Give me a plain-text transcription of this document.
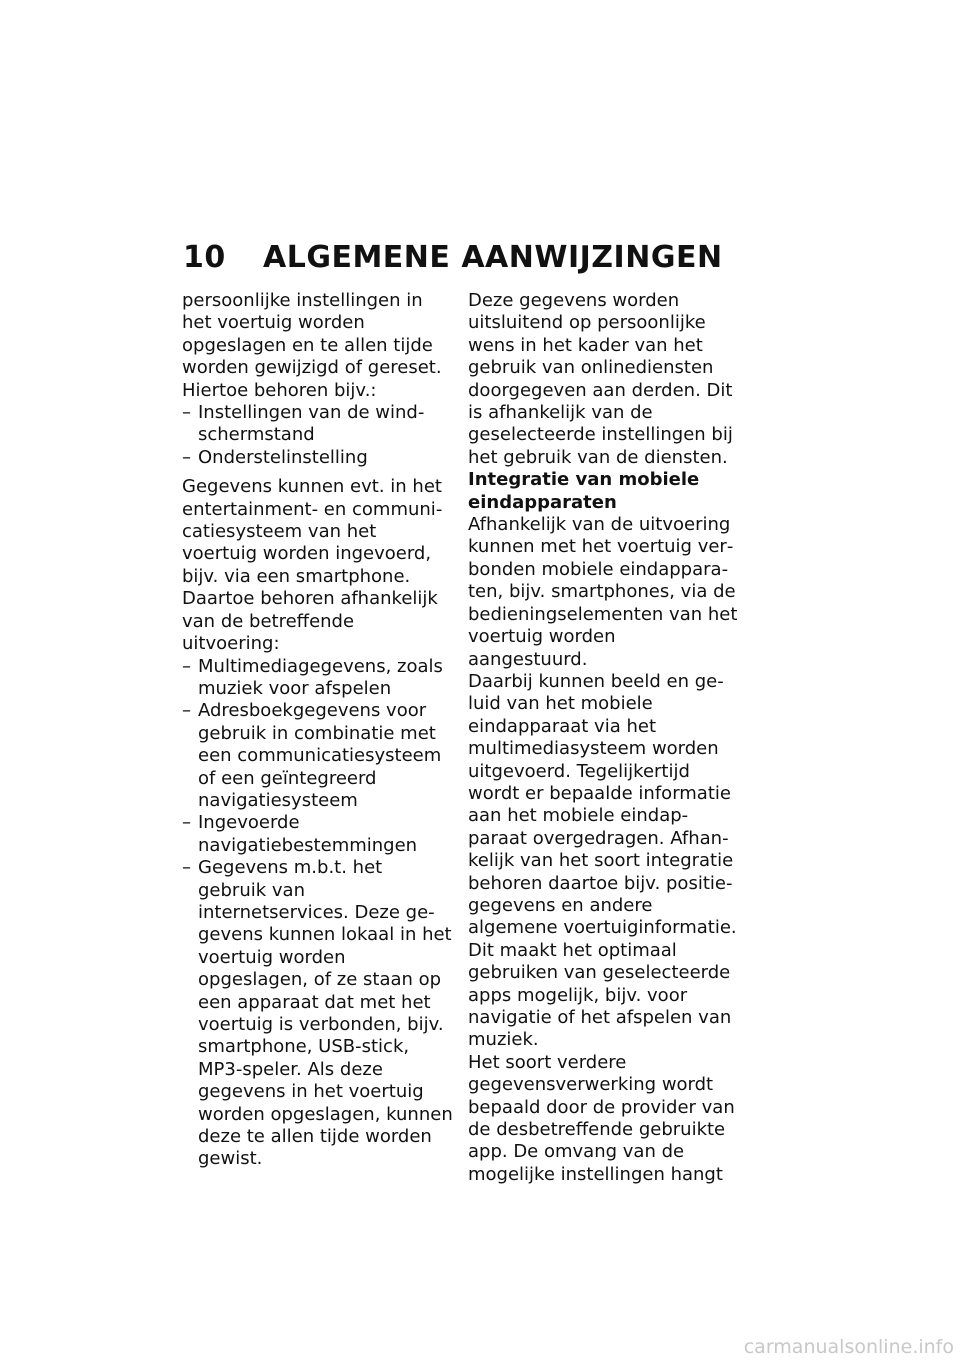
10 ALGEMENE AANWIJZINGEN

persoonlijke instellingen in het voertuig worden opgeslagen en te allen tijde worden gewijzigd of gereset.

Hiertoe behoren bijv.:

– Instellingen van de windschermstand
– Onderstelinstelling

Gegevens kunnen evt. in het entertainment- en communicatiesysteem van het voertuig worden ingevoerd, bijv. via een smartphone.

Daartoe behoren afhankelijk van de betreffende uitvoering:

– Multimediagegevens, zoals muziek voor afspelen
– Adresboekgegevens voor gebruik in combinatie met een communicatiesysteem of een geïntegreerd navigatiesysteem
– Ingevoerde navigatiebestemmingen
– Gegevens m.b.t. het gebruik van internetservices. Deze gegevens kunnen lokaal in het voertuig worden opgeslagen, of ze staan op een apparaat dat met het voertuig is verbonden, bijv. smartphone, USB-stick, MP3-speler. Als deze gegevens in het voertuig worden opgeslagen, kunnen deze te allen tijde worden gewist.

Deze gegevens worden uitsluitend op persoonlijke wens in het kader van het gebruik van onlinediensten doorgegeven aan derden. Dit is afhankelijk van de geselecteerde instellingen bij het gebruik van de diensten.

Integratie van mobiele eindapparaten

Afhankelijk van de uitvoering kunnen met het voertuig verbonden mobiele eindapparaten, bijv. smartphones, via de bedieningselementen van het voertuig worden aangestuurd.

Daarbij kunnen beeld en geluid van het mobiele eindapparaat via het multimediasysteem worden uitgevoerd. Tegelijkertijd wordt er bepaalde informatie aan het mobiele eindapparaat overgedragen. Afhankelijk van het soort integratie behoren daartoe bijv. positiegegevens en andere algemene voertuiginformatie. Dit maakt het optimaal gebruiken van geselecteerde apps mogelijk, bijv. voor navigatie of het afspelen van muziek.

Het soort verdere gegevensverwerking wordt bepaald door de provider van de desbetreffende gebruikte app. De omvang van de mogelijke instellingen hangt

carmanualsonline.info
